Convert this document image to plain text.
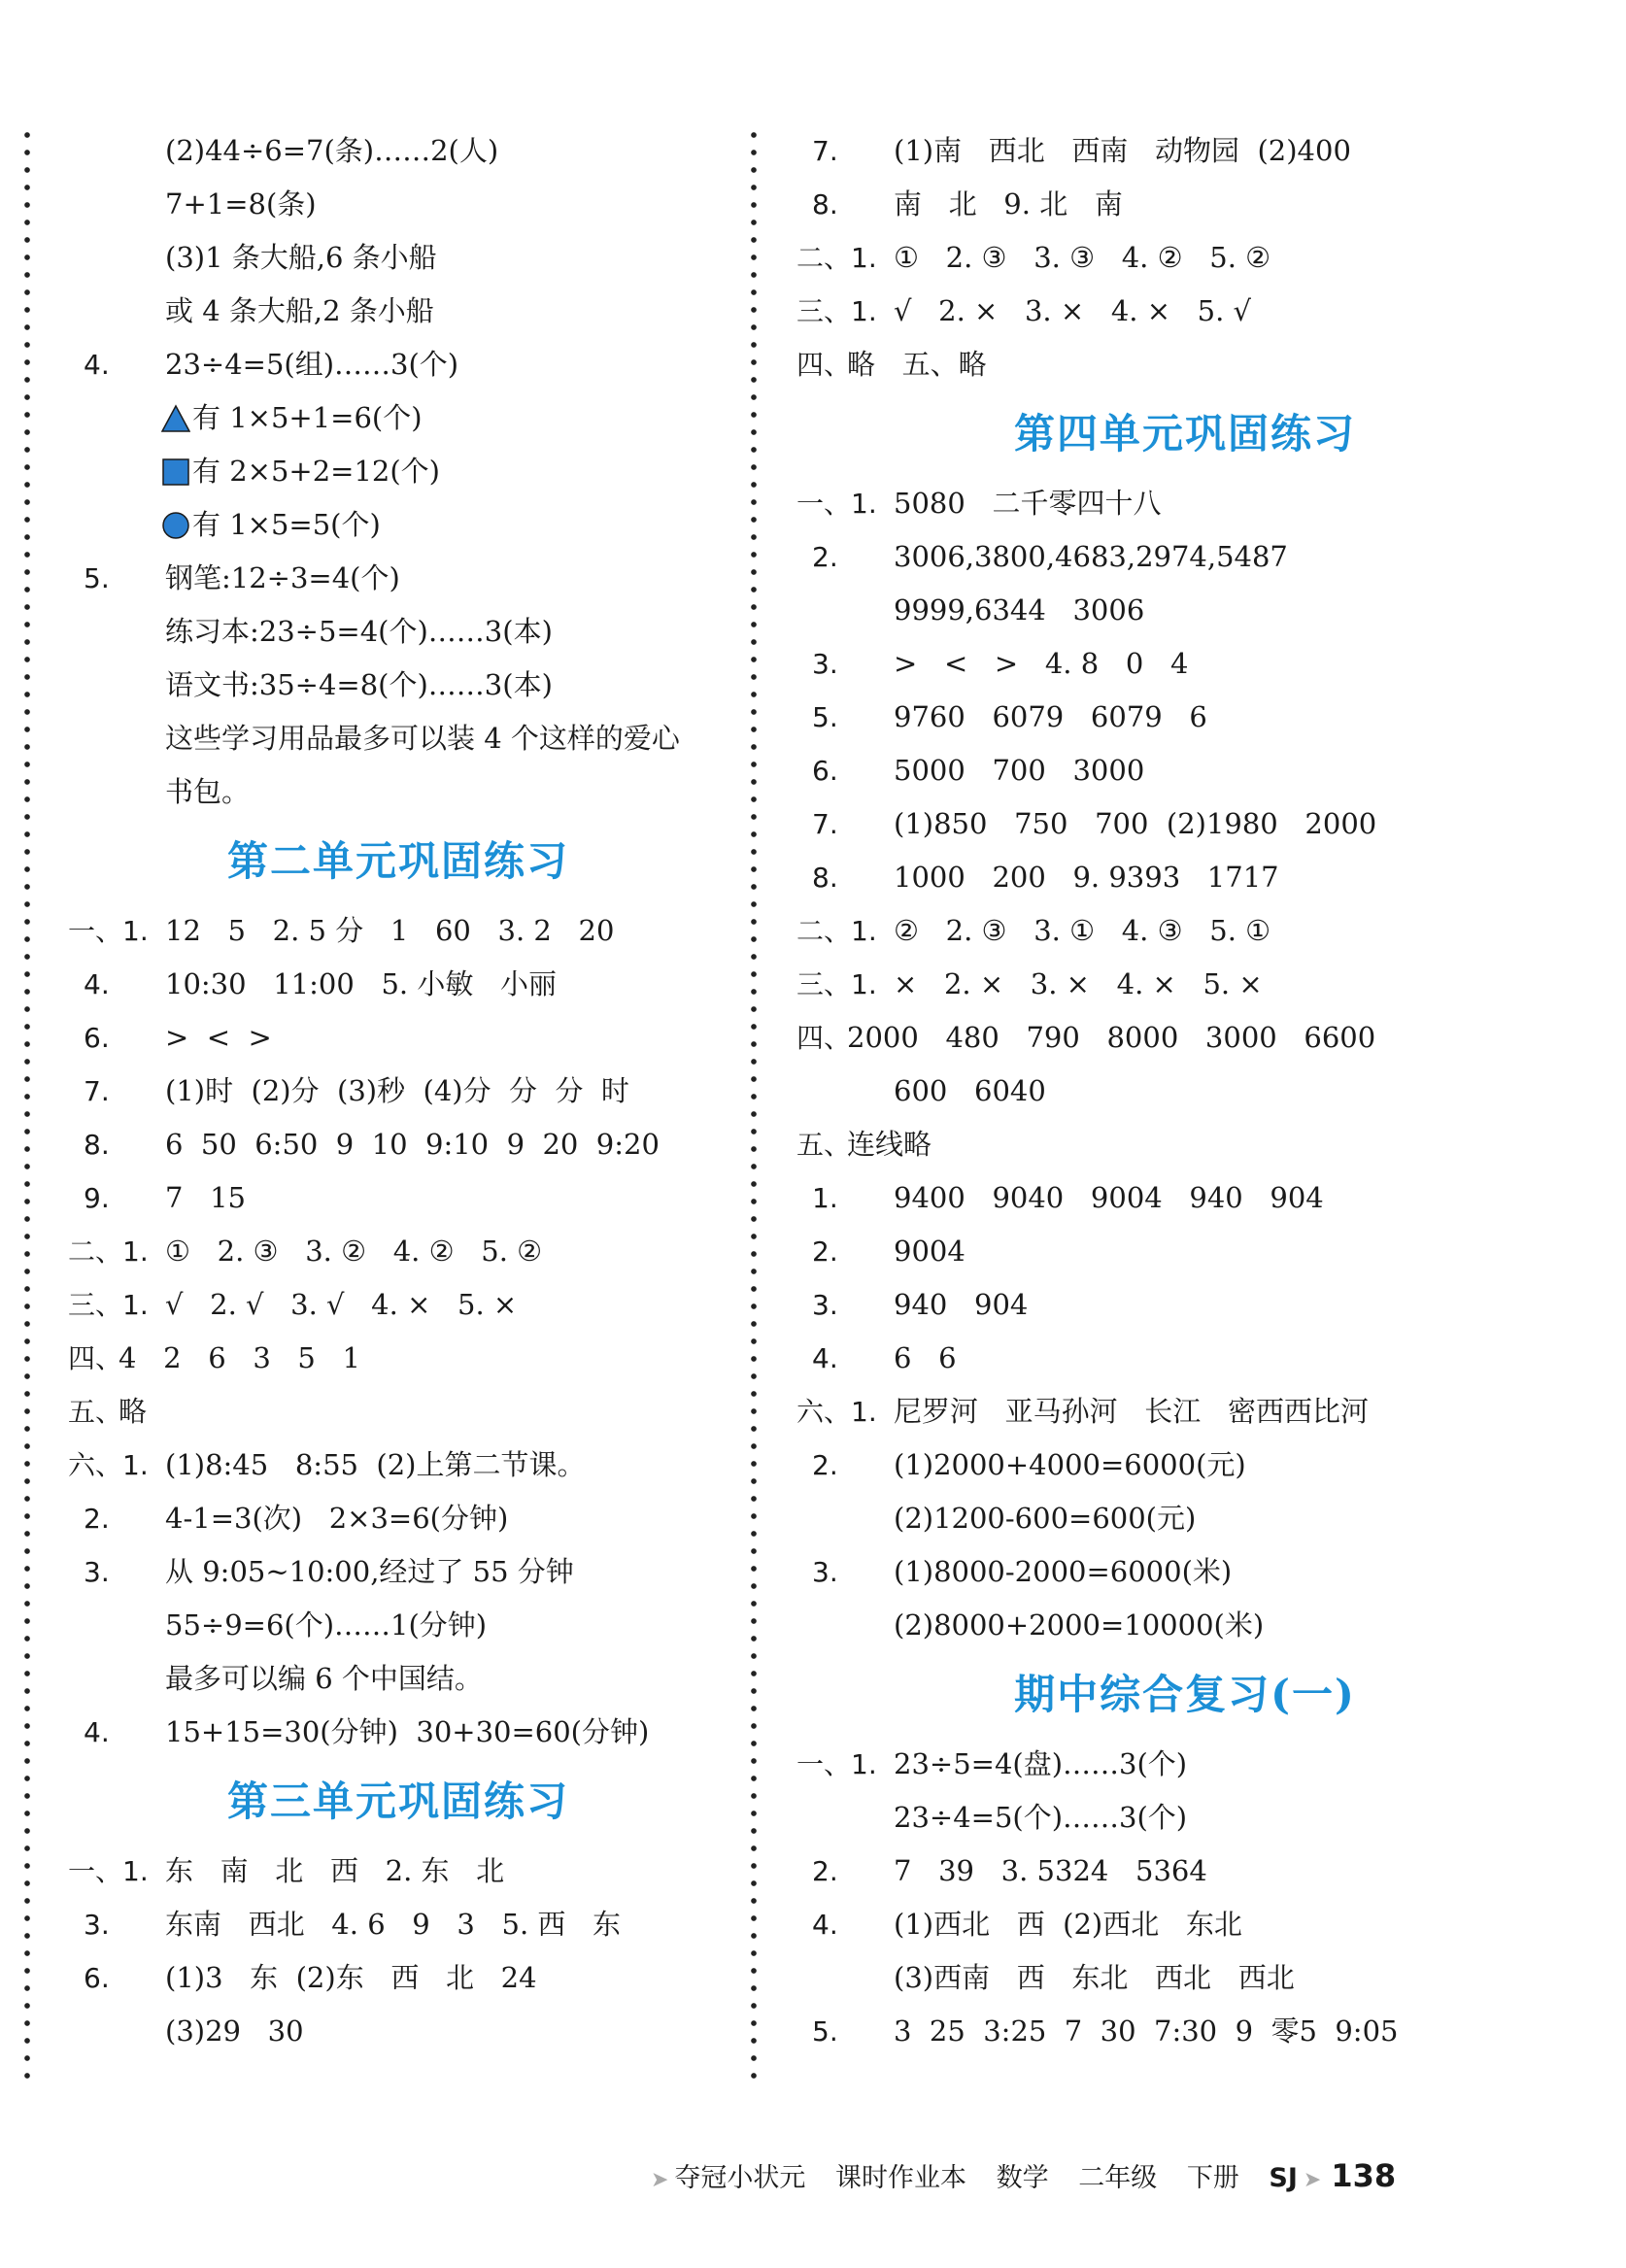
(2)44÷6=7(条)……2(人)
7+1=8(条)
(3)1 条大船,6 条小船
或 4 条大船,2 条小船
4. 23÷4=5(组)……3(个)
有 1×5+1=6(个)
有 2×5+2=12(个)
有 1×5=5(个)
5. 钢笔:12÷3=4(个)
练习本:23÷5=4(个)……3(本)
语文书:35÷4=8(个)……3(本)
这些学习用品最多可以装 4 个这样的爱心
书包。
第二单元巩固练习
一、1. 12   5   2. 5 分   1   60   3. 2   20
4. 10:30   11:00   5. 小敏   小丽
6. >  <  >
7. (1)时  (2)分  (3)秒  (4)分  分  分  时
8. 6  50  6:50  9  10  9:10  9  20  9:20
9. 7   15
二、1. ①   2. ③   3. ②   4. ②   5. ②
三、1. √   2. √   3. √   4. ×   5. ×
四、
4   2   6   3   5   1
五、
略
六、1. (1)8:45   8:55  (2)上第二节课。
2. 4-1=3(次)   2×3=6(分钟)
3. 从 9:05~10:00,经过了 55 分钟
55÷9=6(个)……1(分钟)
最多可以编 6 个中国结。
4. 15+15=30(分钟)  30+30=60(分钟)
第三单元巩固练习
一、1. 东   南   北   西   2. 东   北
3. 东南   西北   4. 6   9   3   5. 西   东
6. (1)3   东  (2)东   西   北   24
(3)29   30
7. (1)南   西北   西南   动物园  (2)400
8. 南   北   9. 北   南
二、1. ①   2. ③   3. ③   4. ②   5. ②
三、1. √   2. ×   3. ×   4. ×   5. √
四、
略   五、略
第四单元巩固练习
一、1. 5080   二千零四十八
2. 3006,3800,4683,2974,5487
9999,6344   3006
3. >   <   >   4. 8   0   4
5. 9760   6079   6079   6
6. 5000   700   3000
7. (1)850   750   700  (2)1980   2000
8. 1000   200   9. 9393   1717
二、1. ②   2. ③   3. ①   4. ③   5. ①
三、1. ×   2. ×   3. ×   4. ×   5. ×
四、
2000   480   790   8000   3000   6600
600   6040
五、
连线略
1. 9400   9040   9004   940   904
2. 9004
3. 940   904
4. 6   6
六、1. 尼罗河   亚马孙河   长江   密西西比河
2. (1)2000+4000=6000(元)
(2)1200-600=600(元)
3. (1)8000-2000=6000(米)
(2)8000+2000=10000(米)
期中综合复习(一)
一、1. 23÷5=4(盘)……3(个)
23÷4=5(个)……3(个)
2. 7   39   3. 5324   5364
4. (1)西北   西  (2)西北   东北
(3)西南   西   东北   西北   西北
5. 3  25  3:25  7  30  7:30  9  零5  9:05
➤ 夺冠小状元 课时作业本 数学 二年级 下册 SJ ➤ 138
